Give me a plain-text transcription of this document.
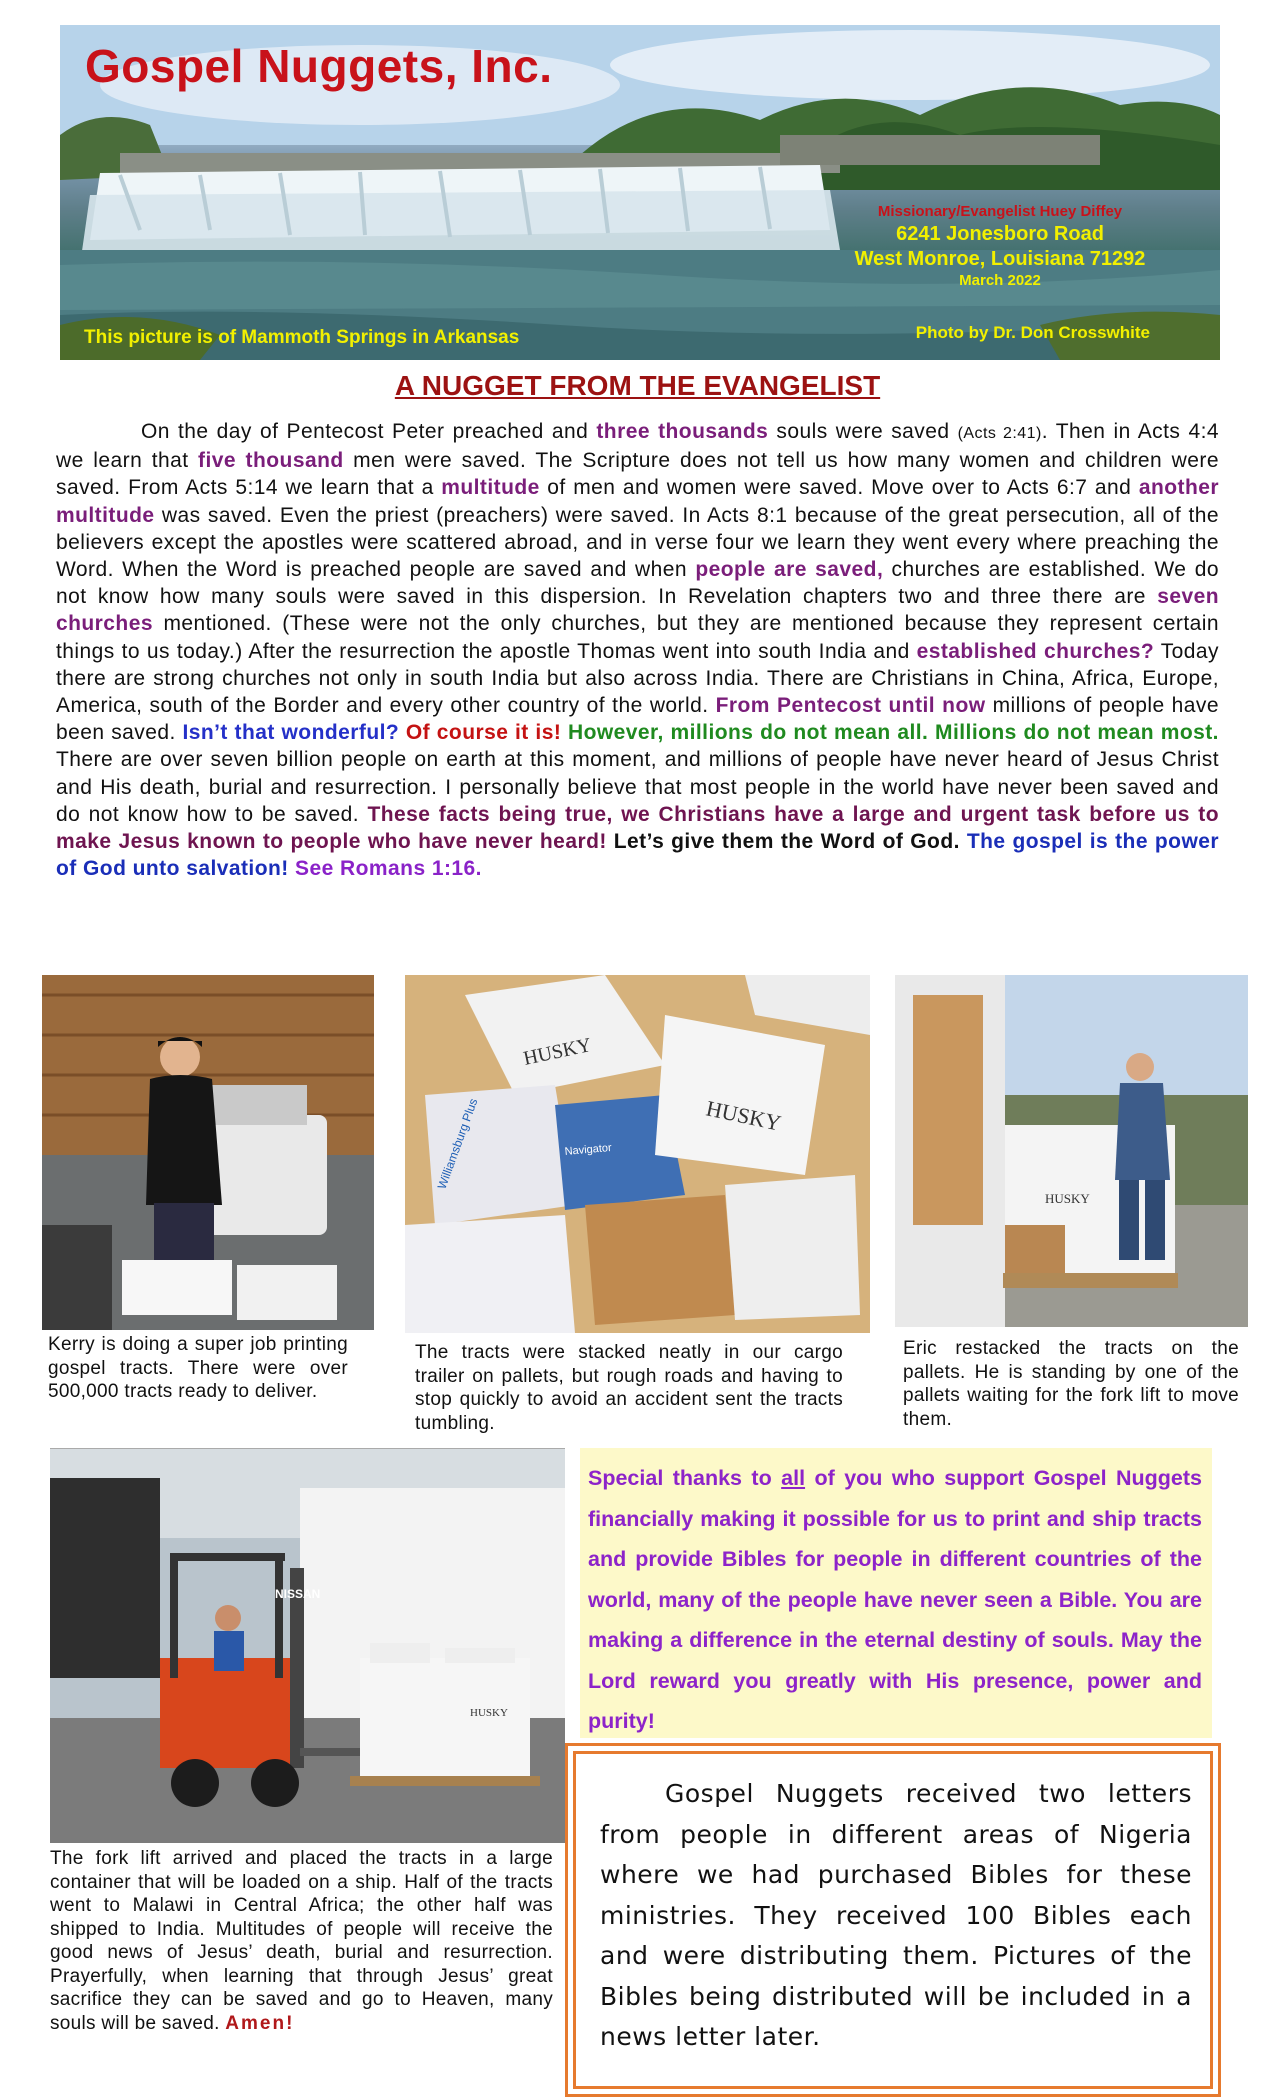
Gospel Nuggets, Inc.
Missionary/Evangelist Huey Diffey
6241 Jonesboro Road
West Monroe, Louisiana 71292
March 2022
This picture is of Mammoth Springs in Arkansas	Photo by Dr. Don Crosswhite
A NUGGET FROM THE EVANGELIST

On the day of Pentecost Peter preached and three thousands souls were saved (Acts 2:41). Then in Acts 4:4 we learn that five thousand men were saved. The Scripture does not tell us how many women and children were saved. From Acts 5:14 we learn that a multitude of men and women were saved. Move over to Acts 6:7 and another multitude was saved. Even the priest (preachers) were saved. In Acts 8:1 because of the great persecution, all of the believers except the apostles were scattered abroad, and in verse four we learn they went every where preaching the Word. When the Word is preached people are saved and when people are saved, churches are established. We do not know how many souls were saved in this dispersion. In Revelation chapters two and three there are seven churches mentioned. (These were not the only churches, but they are mentioned because they represent certain things to us today.) After the resurrection the apostle Thomas went into south India and established churches? Today there are strong churches not only in south India but also across India. There are Christians in China, Africa, Europe, America, south of the Border and every other country of the world. From Pentecost until now millions of people have been saved. Isn’t that wonderful? Of course it is! However, millions do not mean all. Millions do not mean most. There are over seven billion people on earth at this moment, and millions of people have never heard of Jesus Christ and His death, burial and resurrection. I personally believe that most people in the world have never been saved and do not know how to be saved. These facts being true, we Christians have a large and urgent task before us to make Jesus known to people who have never heard! Let’s give them the Word of God. The gospel is the power of God unto salvation! See Romans 1:16.

Kerry is doing a super job printing gospel tracts. There were over 500,000 tracts ready to deliver.

HUSKY
HUSKY
Navigator
Williamsburg Plus

The tracts were stacked neatly in our cargo trailer on pallets, but rough roads and having to stop quickly to avoid an accident sent the tracts tumbling.

HUSKY

Eric restacked the tracts on the pallets. He is standing by one of the pallets waiting for the fork lift to move them.

NISSAN
HUSKY

The fork lift arrived and placed the tracts in a large container that will be loaded on a ship. Half of the tracts went to Malawi in Central Africa; the other half was shipped to India. Multitudes of people will receive the good news of Jesus’ death, burial and resurrection. Prayerfully, when learning that through Jesus’ great sacrifice they can be saved and go to Heaven, many souls will be saved. Amen!

Special thanks to all of you who support Gospel Nuggets financially making it possible for us to print and ship tracts and provide Bibles for people in different countries of the world, many of the people have never seen a Bible. You are making a difference in the eternal destiny of souls. May the Lord reward you greatly with His presence, power and purity!

Gospel Nuggets received two letters from people in different areas of Nigeria where we had purchased Bibles for these ministries. They received 100 Bibles each and were distributing them. Pictures of the Bibles being distributed will be included in a news letter later.
